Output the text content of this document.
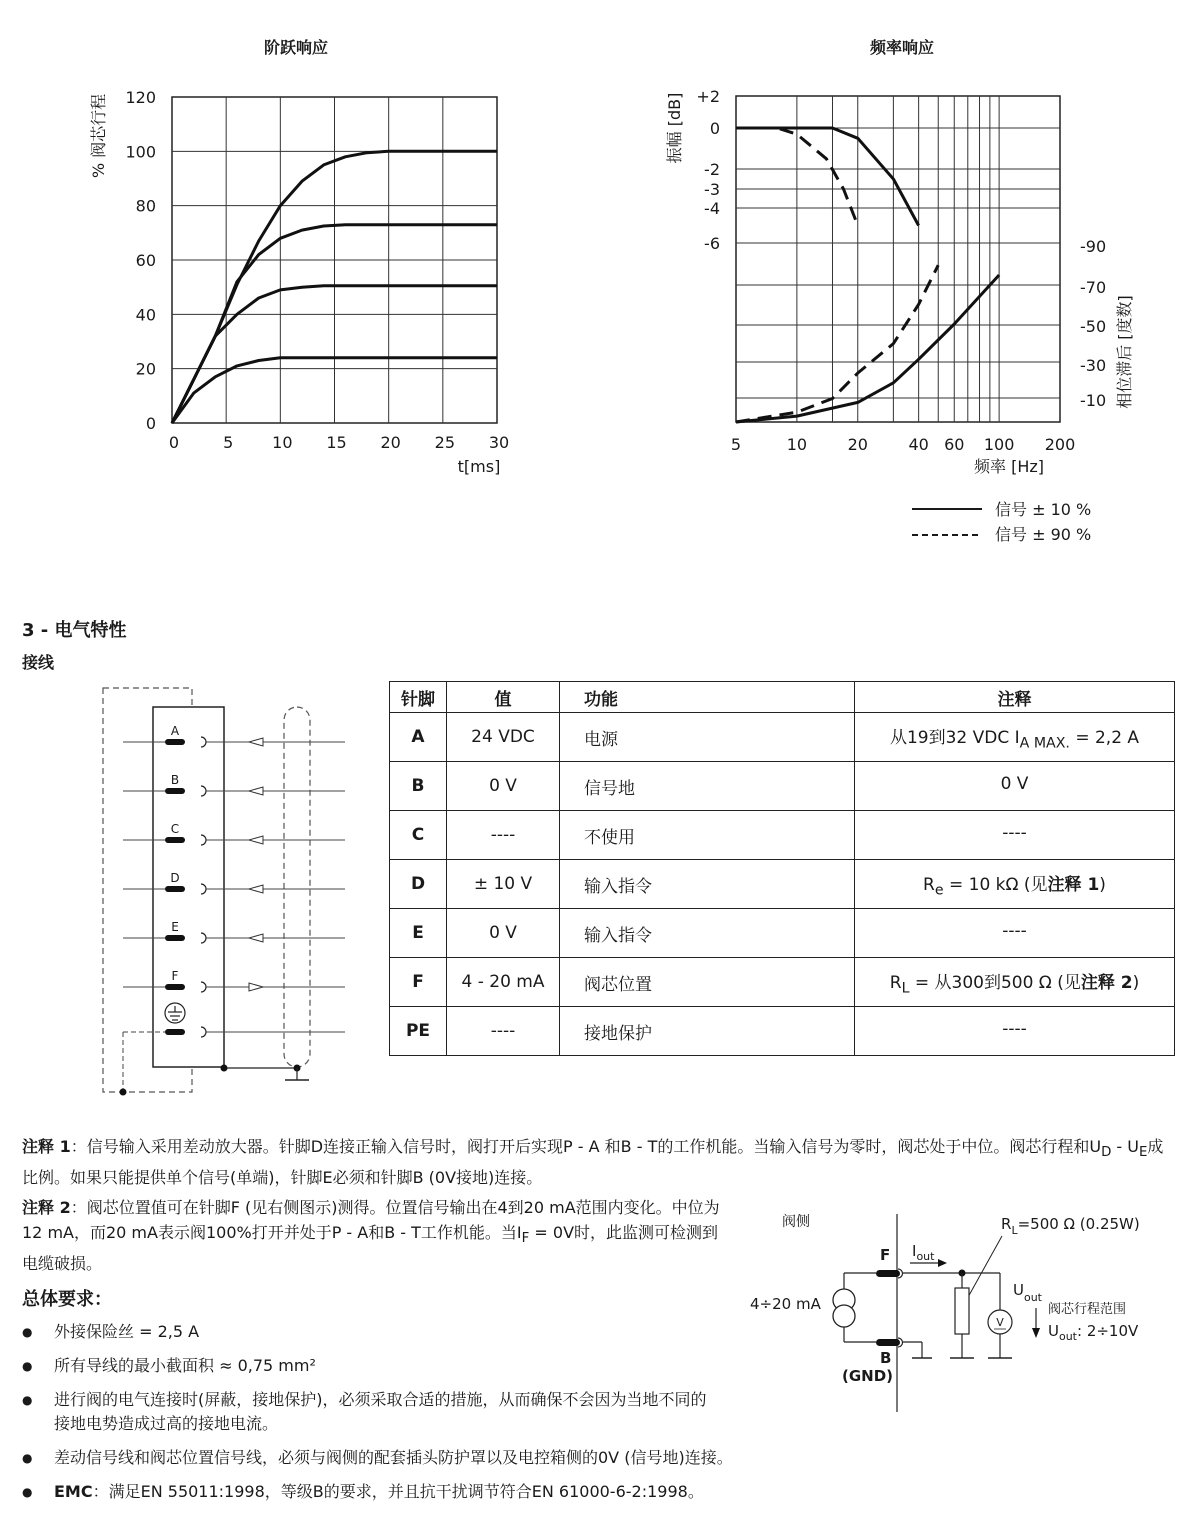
阶跃响应
% 阀芯行程
0
20
40
60
80
100
120
0	5 10 15 20 25 30
t[ms]
频率响应
振幅 [dB]
相位滞后 [度数]
+2
0
-2
-3
-4
-6	-90
-70
-50
-30
-10
5	10	20	40 60 100 200
频率 [Hz]
信号 ± 10 %
信号 ± 90 %
3 - 电气特性
接线
A
B
C
D
E
F
针脚	值	功能	注释
A	24 VDC	电源	从19到32 VDC $I_{A MAX.} = 2,2$ A
B	0 V	信号地	0 V
C	----	不使用	----
D	± 10 V	输入指令	$R_e = 10$ kΩ (见注释 1)
E	0 V	输入指令	----
F	4 - 20 mA	阀芯位置	$R_L$ = 从300到500 Ω (见注释 2)
PE	----	接地保护	----
注释 1：信号输入采用差动放大器。针脚D连接正输入信号时，阀打开后实现P - A 和B - T的工作机能。当输入信号为零时，阀芯处于中位。阀芯行程和$U_D - U_E$成比例。如果只能提供单个信号(单端)，针脚E必须和针脚B (0V接地)连接。
注释 2：阀芯位置值可在针脚F (见右侧图示)测得。位置信号输出在4到20 mA范围内变化。中位为12 mA，而20 mA表示阀100%打开并处于P - A和B - T工作机能。当$I_F = 0V$时，此监测可检测到电缆破损。
阀侧	$R_L=500$ Ω (0.25W)
F $I_{out}$
V
$U_{out}$
阀芯行程范围
$U_{out}$: 2÷10V
4÷20 mA
B
(GND)
总体要求：
● 外接保险丝 = 2,5 A
● 所有导线的最小截面积 ≈ 0,75 mm²
● 进行阀的电气连接时(屏蔽，接地保护)，必须采取合适的措施，从而确保不会因为当地不同的接地电势造成过高的接地电流。
● 差动信号线和阀芯位置信号线，必须与阀侧的配套插头防护罩以及电控箱侧的0V (信号地)连接。
● EMC：满足EN 55011:1998，等级B的要求，并且抗干扰调节符合EN 61000-6-2:1998。
